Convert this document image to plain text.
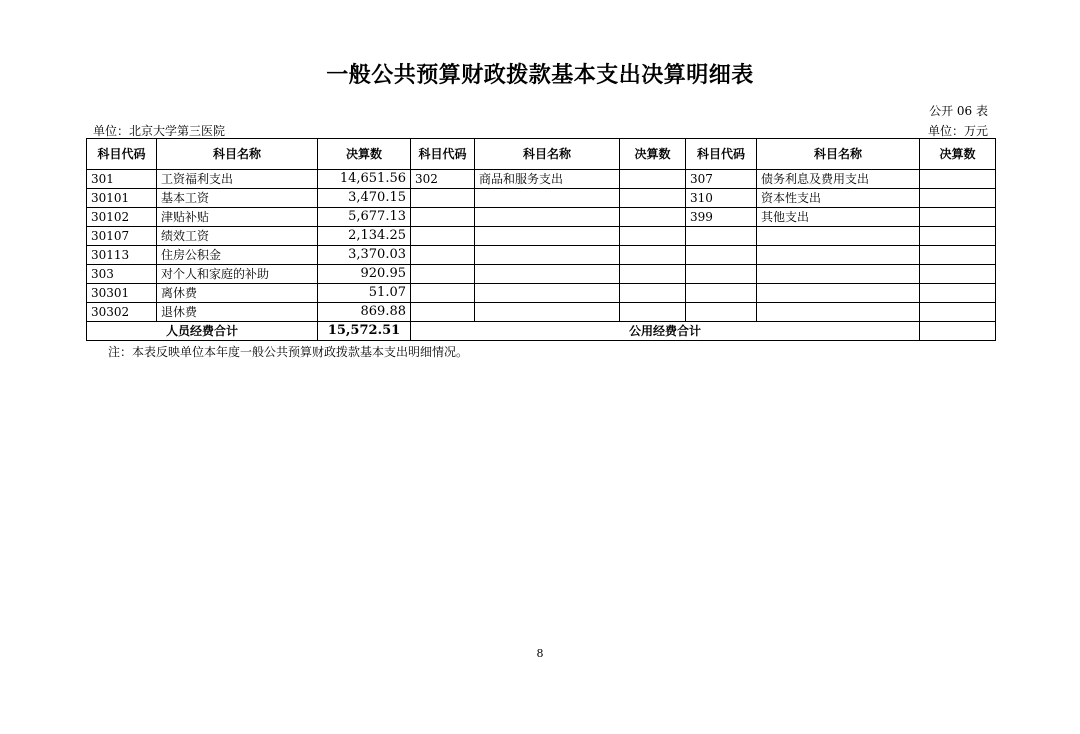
一般公共预算财政拨款基本支出决算明细表
公开 06 表
单位：北京大学第三医院	单位：万元
科目代码	科目名称	决算数	科目代码	科目名称	决算数	科目代码	科目名称	决算数
301	工资福利支出	14,651.56	302	商品和服务支出		307	债务利息及费用支出	
30101	基本工资	3,470.15				310	资本性支出	
30102	津贴补贴	5,677.13				399	其他支出	
30107	绩效工资	2,134.25						
30113	住房公积金	3,370.03						
303	对个人和家庭的补助	920.95						
30301	离休费	51.07						
30302	退休费	869.88						
人员经费合计		15,572.51	公用经费合计					
注：本表反映单位本年度一般公共预算财政拨款基本支出明细情况。
8
